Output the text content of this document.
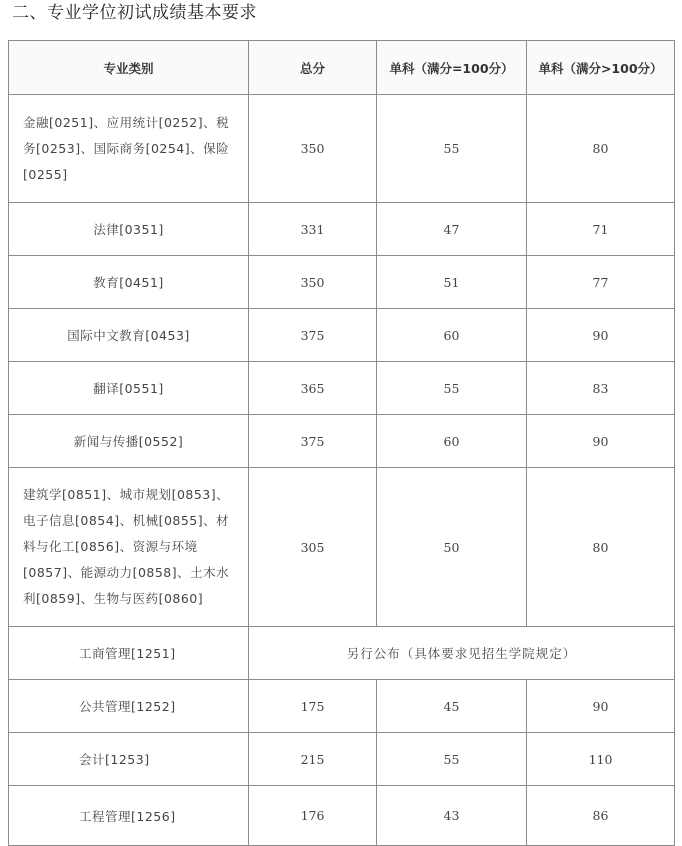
二、专业学位初试成绩基本要求
专业类别	总分	单科（满分=100分）	单科（满分>100分）
金融[0251]、应用统计[0252]、税务[0253]、国际商务[0254]、保险[0255]	350	55	80
法律[0351]	331	47	71
教育[0451]	350	51	77
国际中文教育[0453]	375	60	90
翻译[0551]	365	55	83
新闻与传播[0552]	375	60	90
建筑学[0851]、城市规划[0853]、电子信息[0854]、机械[0855]、材料与化工[0856]、资源与环境[0857]、能源动力[0858]、土木水利[0859]、生物与医药[0860]	305	50	80
工商管理[1251]	另行公布（具体要求见招生学院规定）		
公共管理[1252]	175	45	90
会计[1253]	215	55	110
工程管理[1256]	176	43	86
